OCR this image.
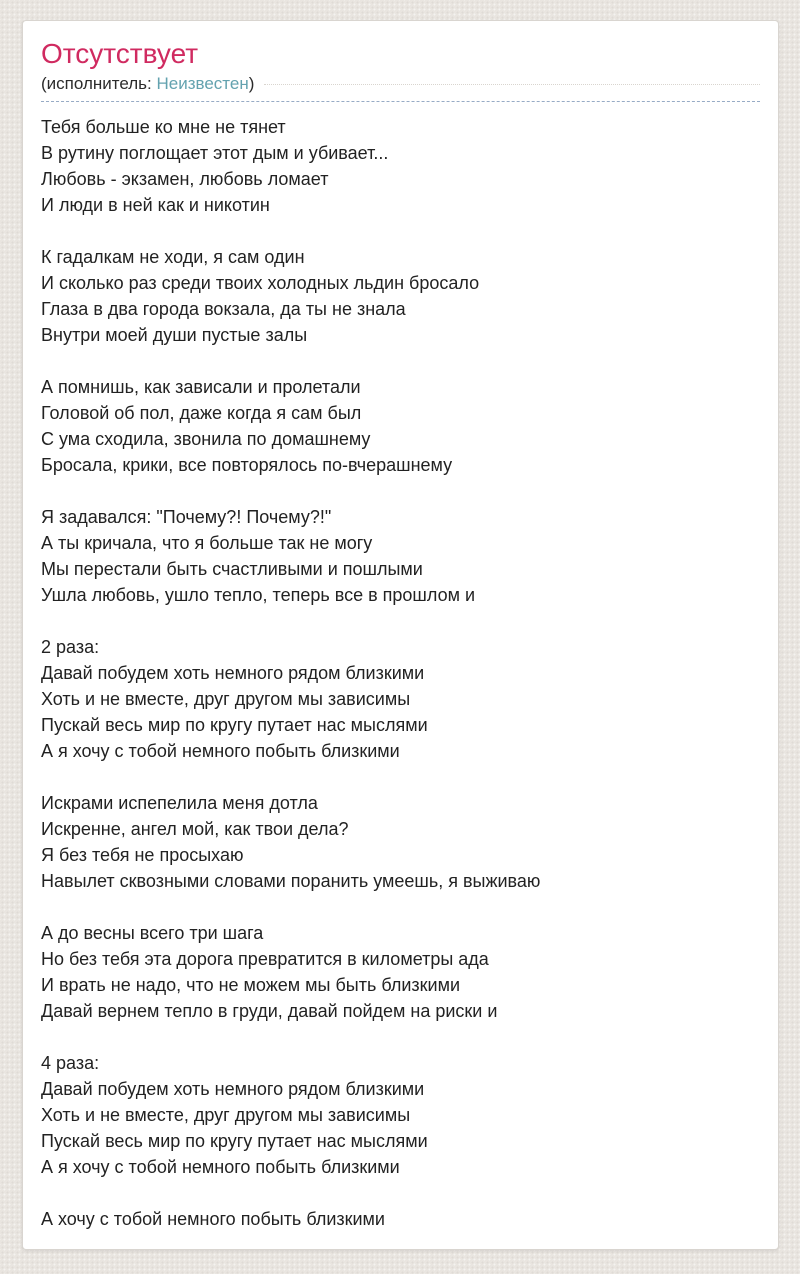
Отсутствует
(исполнитель: Неизвестен )
Тебя больше ко мне не тянет
В рутину поглощает этот дым и убивает...
Любовь - экзамен, любовь ломает
И люди в ней как и никотин
К гадалкам не ходи, я сам один
И сколько раз среди твоих холодных льдин бросало
Глаза в два города вокзала, да ты не знала
Внутри моей души пустые залы
А помнишь, как зависали и пролетали
Головой об пол, даже когда я сам был
С ума сходила, звонила по домашнему
Бросала, крики, все повторялось по-вчерашнему
Я задавался: "Почему?! Почему?!"
А ты кричала, что я больше так не могу
Мы перестали быть счастливыми и пошлыми
Ушла любовь, ушло тепло, теперь все в прошлом и
2 раза:
Давай побудем хоть немного рядом близкими
Хоть и не вместе, друг другом мы зависимы
Пускай весь мир по кругу путает нас мыслями
А я хочу с тобой немного побыть близкими
Искрами испепелила меня дотла
Искренне, ангел мой, как твои дела?
Я без тебя не просыхаю
Навылет сквозными словами поранить умеешь, я выживаю
А до весны всего три шага
Но без тебя эта дорога превратится в километры ада
И врать не надо, что не можем мы быть близкими
Давай вернем тепло в груди, давай пойдем на риски и
4 раза:
Давай побудем хоть немного рядом близкими
Хоть и не вместе, друг другом мы зависимы
Пускай весь мир по кругу путает нас мыслями
А я хочу с тобой немного побыть близкими
А хочу с тобой немного побыть близкими
